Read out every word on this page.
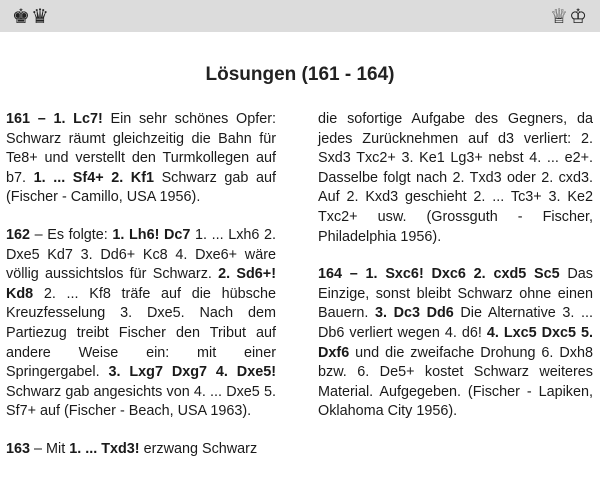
♚ ♛	♕ ♔
Lösungen (161 - 164)

161 – 1. Lc7! Ein sehr schönes Opfer: Schwarz räumt gleichzeitig die Bahn für Te8+ und verstellt den Turmkollegen auf b7. 1. ... Sf4+ 2. Kf1 Schwarz gab auf (Fischer - Camillo, USA 1956).

162 – Es folgte: 1. Lh6! Dc7 1. ... Lxh6 2. Dxe5 Kd7 3. Dd6+ Kc8 4. Dxe6+ wäre völlig aussichtslos für Schwarz. 2. Sd6+! Kd8 2. ... Kf8 träfe auf die hübsche Kreuzfesselung 3. Dxe5. Nach dem Partiezug treibt Fischer den Tribut auf andere Weise ein: mit einer Springergabel. 3. Lxg7 Dxg7 4. Dxe5! Schwarz gab angesichts von 4. ... Dxe5 5. Sf7+ auf (Fischer - Beach, USA 1963).

163 – Mit 1. ... Txd3! erzwang Schwarz

die sofortige Aufgabe des Gegners, da jedes Zurücknehmen auf d3 verliert: 2. Sxd3 Txc2+ 3. Ke1 Lg3+ nebst 4. ... e2+. Dasselbe folgt nach 2. Txd3 oder 2. cxd3. Auf 2. Kxd3 geschieht 2. ... Tc3+ 3. Ke2 Txc2+ usw. (Grossguth - Fischer, Philadelphia 1956).

164 – 1. Sxc6! Dxc6 2. cxd5 Sc5 Das Einzige, sonst bleibt Schwarz ohne einen Bauern. 3. Dc3 Dd6 Die Alternative 3. ... Db6 verliert wegen 4. d6! 4. Lxc5 Dxc5 5. Dxf6 und die zweifache Drohung 6. Dxh8 bzw. 6. De5+ kostet Schwarz weiteres Material. Aufgegeben. (Fischer - Lapiken, Oklahoma City 1956).
